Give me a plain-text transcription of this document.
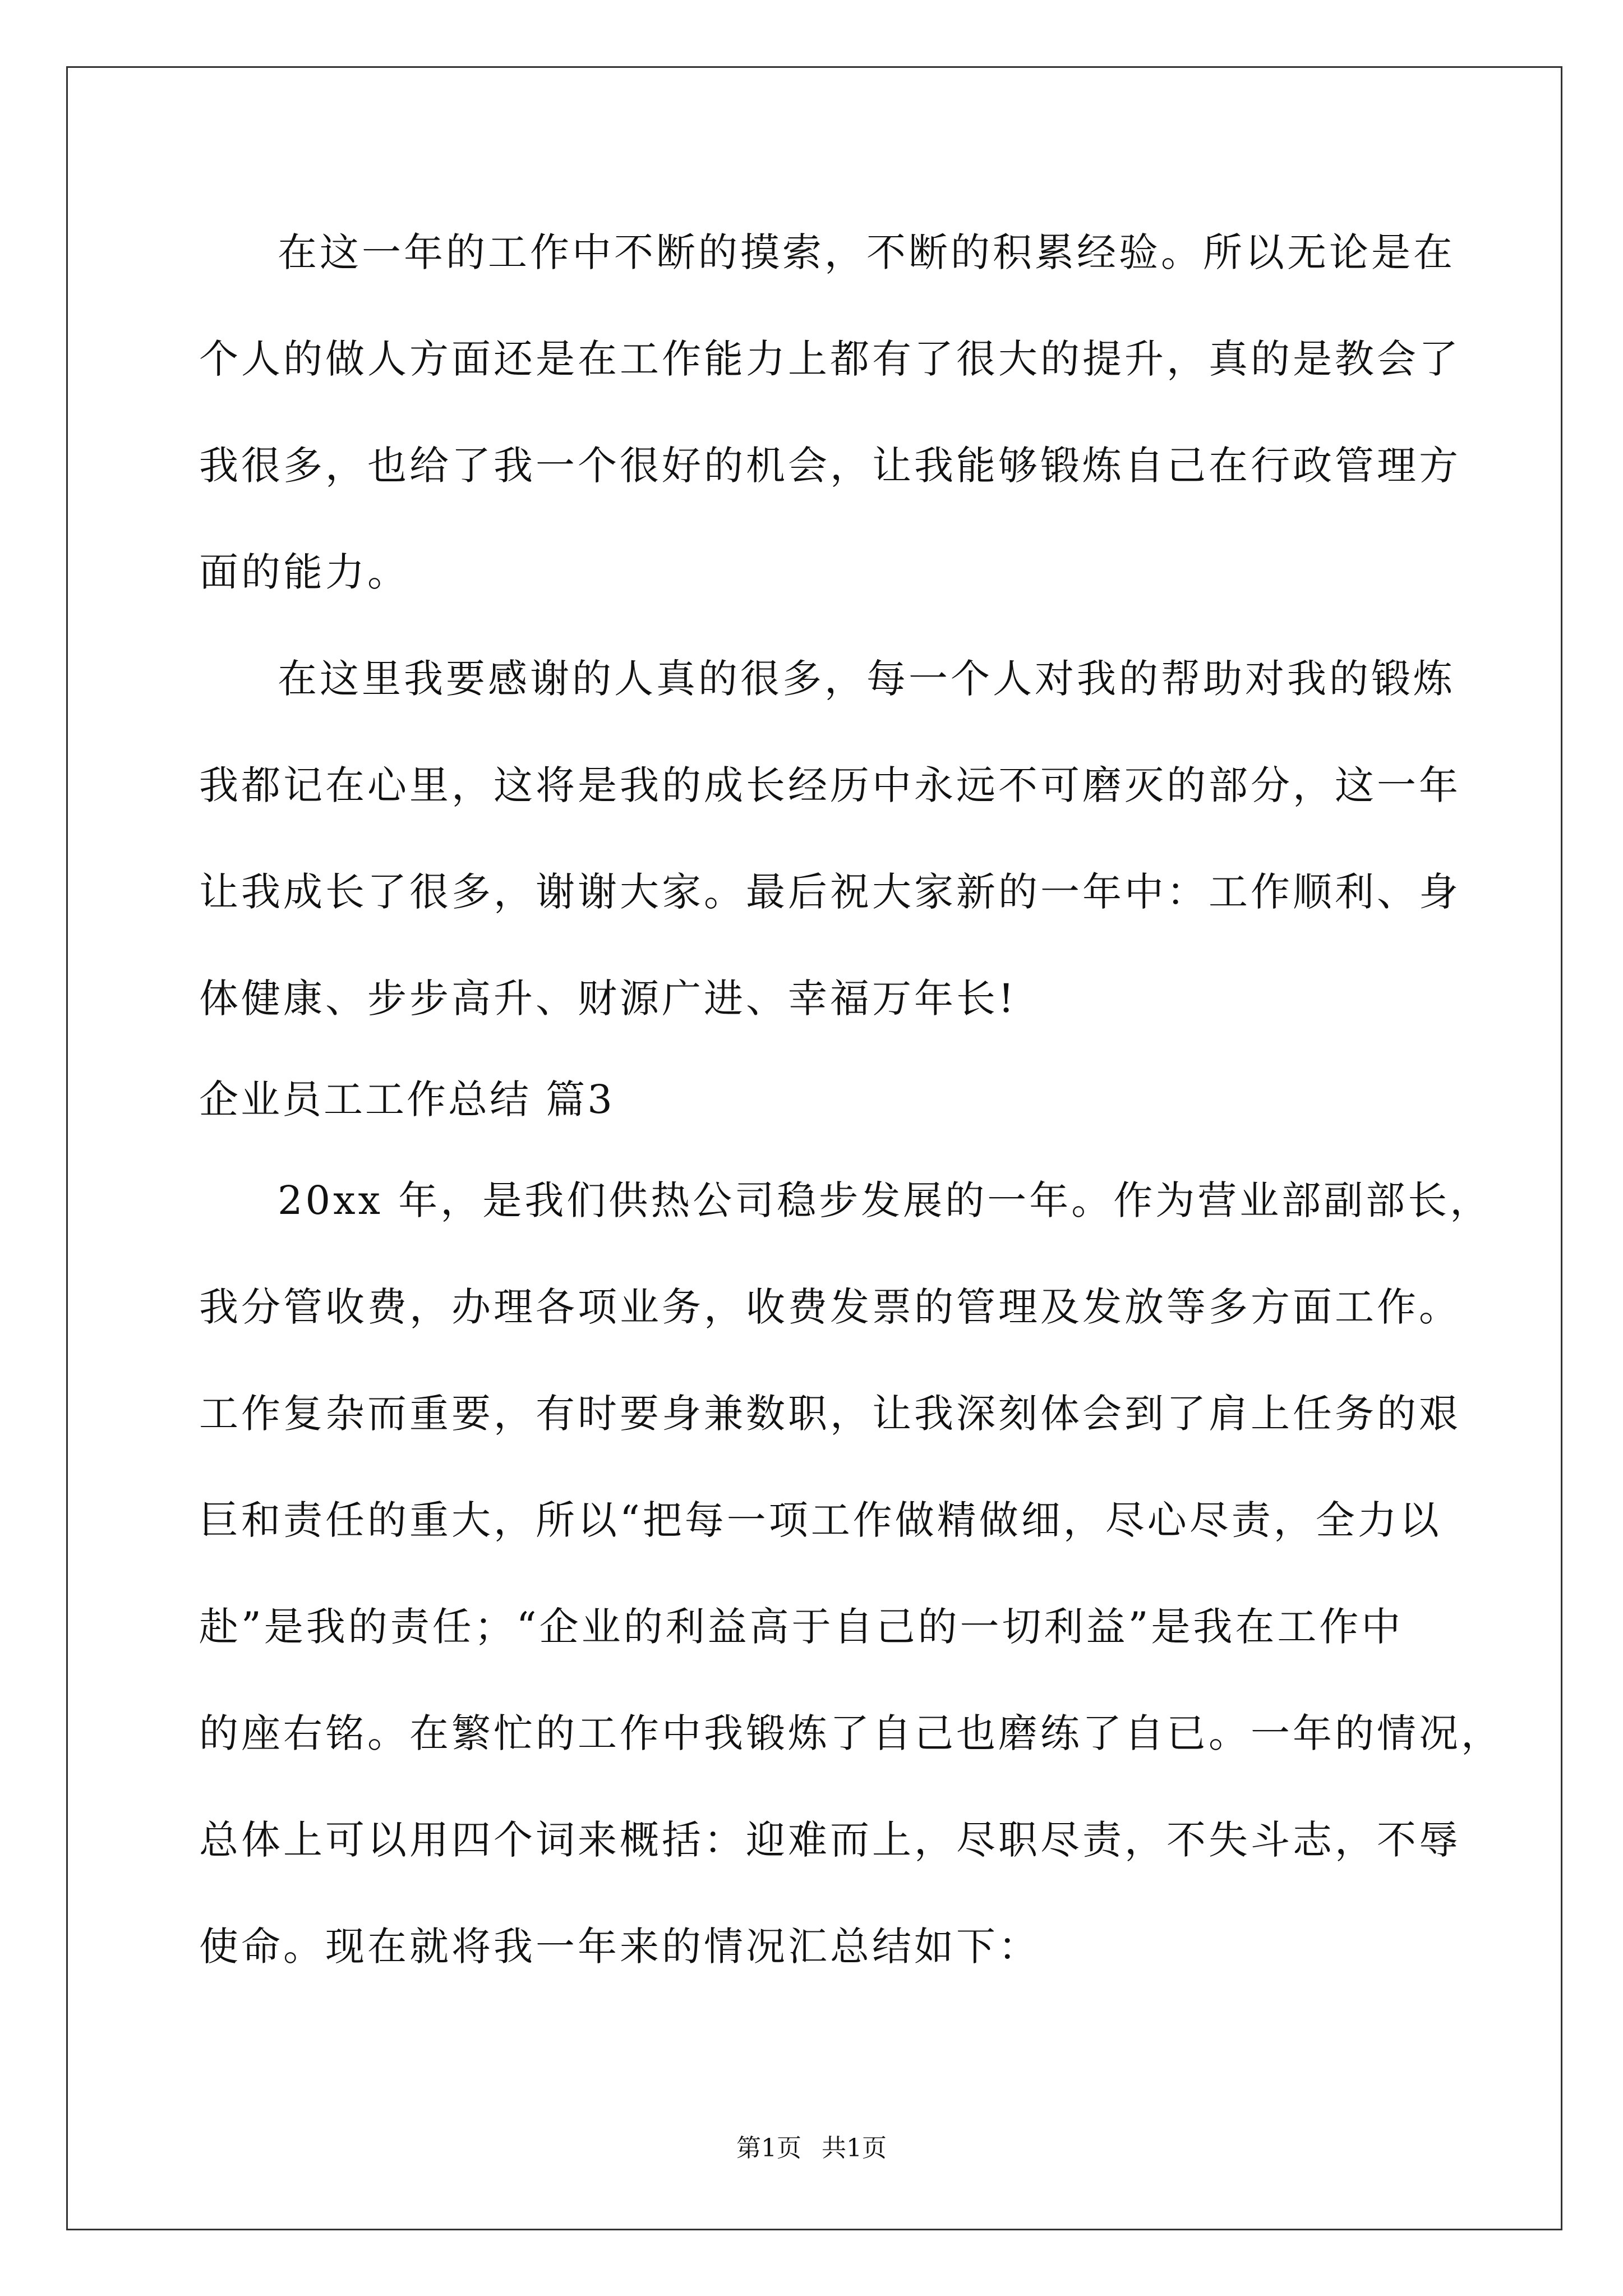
在这一年的工作中不断的摸索，不断的积累经验。所以无论是在
个人的做人方面还是在工作能力上都有了很大的提升，真的是教会了
我很多，也给了我一个很好的机会，让我能够锻炼自己在行政管理方
面的能力。
在这里我要感谢的人真的很多，每一个人对我的帮助对我的锻炼
我都记在心里，这将是我的成长经历中永远不可磨灭的部分，这一年
让我成长了很多，谢谢大家。最后祝大家新的一年中：工作顺利、身
体健康、步步高升、财源广进、幸福万年长!
企业员工工作总结 篇3
20xx 年，是我们供热公司稳步发展的一年。作为营业部副部长，
我分管收费，办理各项业务，收费发票的管理及发放等多方面工作。
工作复杂而重要，有时要身兼数职，让我深刻体会到了肩上任务的艰
巨和责任的重大，所以“把每一项工作做精做细，尽心尽责，全力以
赴”是我的责任；“企业的利益高于自己的一切利益”是我在工作中
的座右铭。在繁忙的工作中我锻炼了自己也磨练了自已。一年的情况，
总体上可以用四个词来概括：迎难而上，尽职尽责，不失斗志，不辱
使命。现在就将我一年来的情况汇总结如下：
第1页 共1页
